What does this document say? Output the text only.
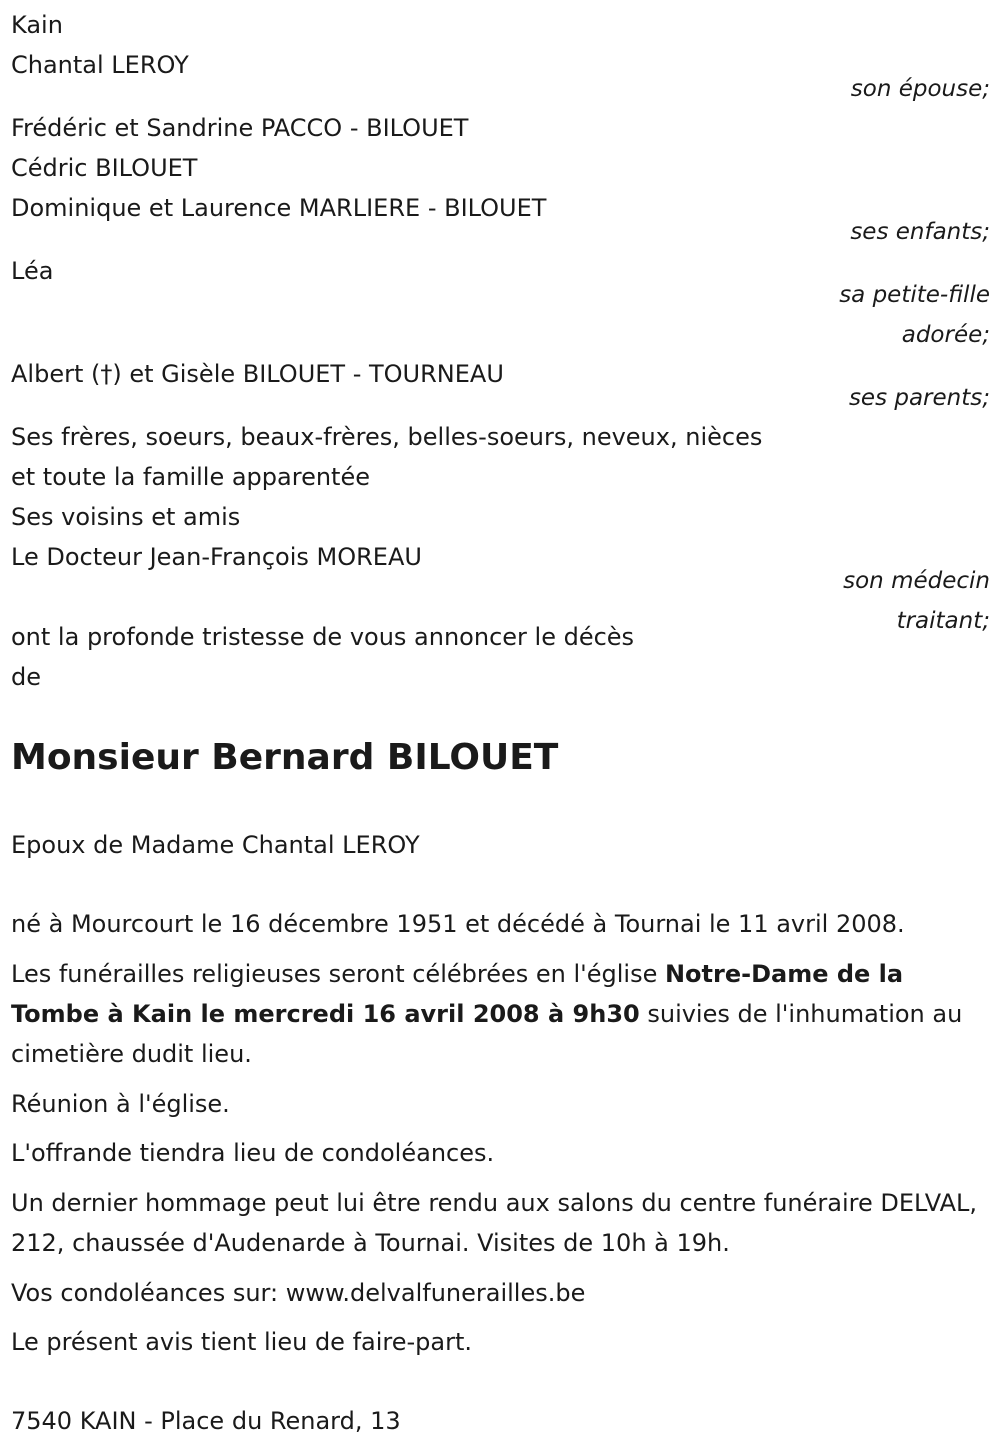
Kain
Chantal LEROY
son épouse;
Frédéric et Sandrine PACCO - BILOUET
Cédric BILOUET
Dominique et Laurence MARLIERE - BILOUET
ses enfants;
Léa
sa petite-fille
adorée;
Albert (†) et Gisèle BILOUET - TOURNEAU
ses parents;
Ses frères, soeurs, beaux-frères, belles-soeurs, neveux, nièces
et toute la famille apparentée
Ses voisins et amis
Le Docteur Jean-François MOREAU
son médecin
traitant;
ont la profonde tristesse de vous annoncer le décès
de
Monsieur Bernard BILOUET
Epoux de Madame Chantal LEROY
né à Mourcourt le 16 décembre 1951 et décédé à Tournai le 11 avril 2008.
Les funérailles religieuses seront célébrées en l'église Notre-Dame de la Tombe à Kain le mercredi 16 avril 2008 à 9h30 suivies de l'inhumation au cimetière dudit lieu.
Réunion à l'église.
L'offrande tiendra lieu de condoléances.
Un dernier hommage peut lui être rendu aux salons du centre funéraire DELVAL, 212, chaussée d'Audenarde à Tournai. Visites de 10h à 19h.
Vos condoléances sur: www.delvalfunerailles.be
Le présent avis tient lieu de faire-part.
7540 KAIN - Place du Renard, 13
